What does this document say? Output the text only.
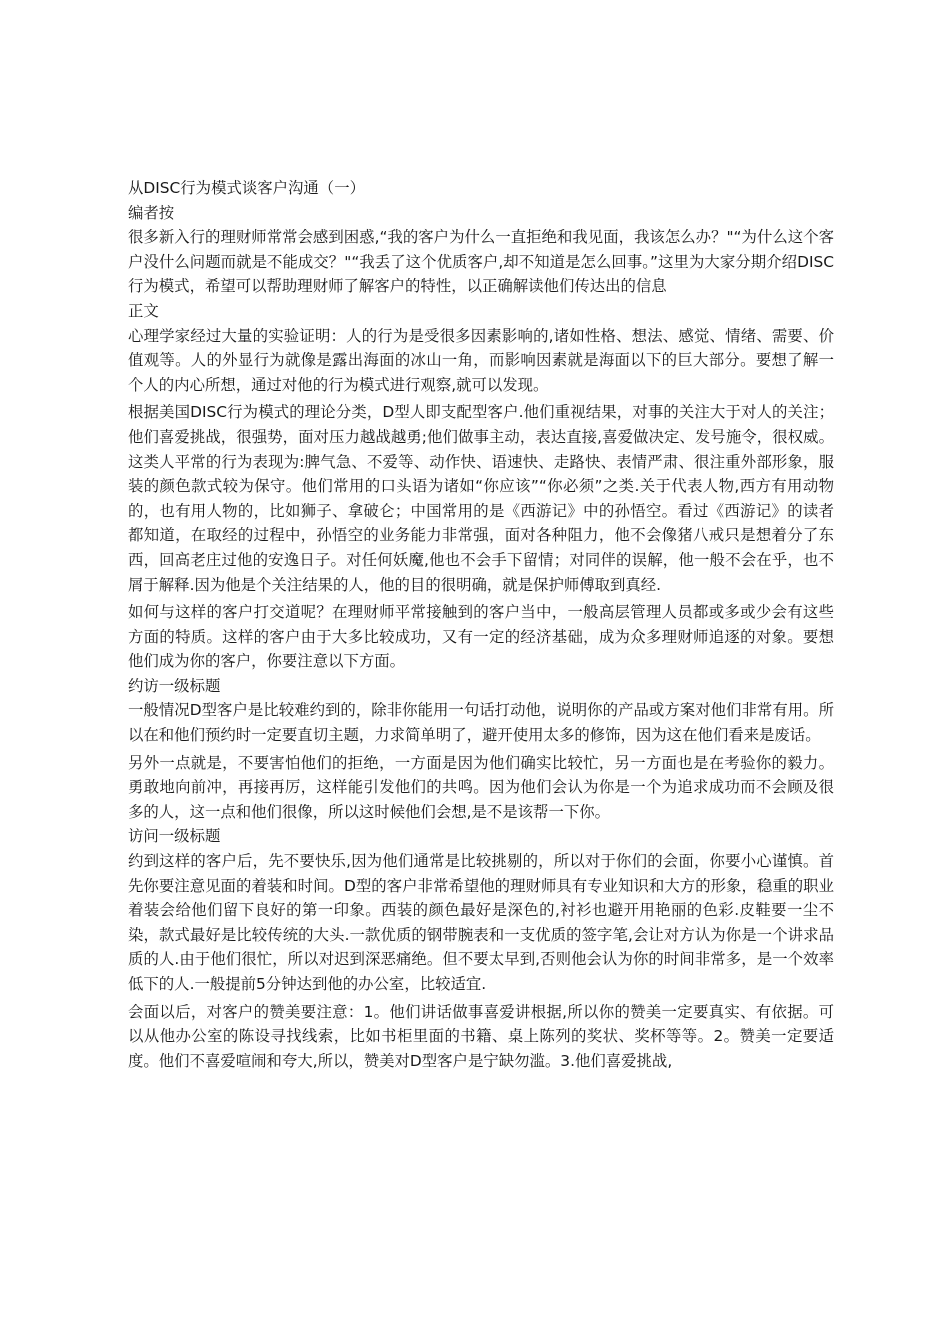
从DISC行为模式谈客户沟通（一）

编者按

很多新入行的理财师常常会感到困惑,“我的客户为什么一直拒绝和我见面，我该怎么办？"“为什么这个客户没什么问题而就是不能成交？"“我丢了这个优质客户,却不知道是怎么回事。”这里为大家分期介绍DISC行为模式，希望可以帮助理财师了解客户的特性，以正确解读他们传达出的信息

正文

心理学家经过大量的实验证明：人的行为是受很多因素影响的,诸如性格、想法、感觉、情绪、需要、价值观等。人的外显行为就像是露出海面的冰山一角，而影响因素就是海面以下的巨大部分。要想了解一个人的内心所想，通过对他的行为模式进行观察,就可以发现。

根据美国DISC行为模式的理论分类，D型人即支配型客户.他们重视结果，对事的关注大于对人的关注；他们喜爱挑战，很强势，面对压力越战越勇;他们做事主动，表达直接,喜爱做决定、发号施令，很权威。这类人平常的行为表现为:脾气急、不爱等、动作快、语速快、走路快、表情严肃、很注重外部形象，服装的颜色款式较为保守。他们常用的口头语为诸如“你应该”“你必须”之类.关于代表人物,西方有用动物的，也有用人物的，比如狮子、拿破仑；中国常用的是《西游记》中的孙悟空。看过《西游记》的读者都知道，在取经的过程中，孙悟空的业务能力非常强，面对各种阻力，他不会像猪八戒只是想着分了东西，回高老庄过他的安逸日子。对任何妖魔,他也不会手下留情；对同伴的误解，他一般不会在乎，也不屑于解释.因为他是个关注结果的人，他的目的很明确，就是保护师傅取到真经.

如何与这样的客户打交道呢？在理财师平常接触到的客户当中，一般高层管理人员都或多或少会有这些方面的特质。这样的客户由于大多比较成功，又有一定的经济基础，成为众多理财师追逐的对象。要想他们成为你的客户，你要注意以下方面。

约访一级标题

一般情况D型客户是比较难约到的，除非你能用一句话打动他，说明你的产品或方案对他们非常有用。所以在和他们预约时一定要直切主题，力求简单明了，避开使用太多的修饰，因为这在他们看来是废话。

另外一点就是，不要害怕他们的拒绝，一方面是因为他们确实比较忙，另一方面也是在考验你的毅力。勇敢地向前冲，再接再厉，这样能引发他们的共鸣。因为他们会认为你是一个为追求成功而不会顾及很多的人，这一点和他们很像，所以这时候他们会想,是不是该帮一下你。

访问一级标题

约到这样的客户后，先不要快乐,因为他们通常是比较挑剔的，所以对于你们的会面，你要小心谨慎。首先你要注意见面的着装和时间。D型的客户非常希望他的理财师具有专业知识和大方的形象，稳重的职业着装会给他们留下良好的第一印象。西装的颜色最好是深色的,衬衫也避开用艳丽的色彩.皮鞋要一尘不染，款式最好是比较传统的大头.一款优质的钢带腕表和一支优质的签字笔,会让对方认为你是一个讲求品质的人.由于他们很忙，所以对迟到深恶痛绝。但不要太早到,否则他会认为你的时间非常多，是一个效率低下的人.一般提前5分钟达到他的办公室，比较适宜.

会面以后，对客户的赞美要注意：1。他们讲话做事喜爱讲根据,所以你的赞美一定要真实、有依据。可以从他办公室的陈设寻找线索，比如书柜里面的书籍、桌上陈列的奖状、奖杯等等。2。赞美一定要适度。他们不喜爱喧闹和夸大,所以，赞美对D型客户是宁缺勿滥。3.他们喜爱挑战,
